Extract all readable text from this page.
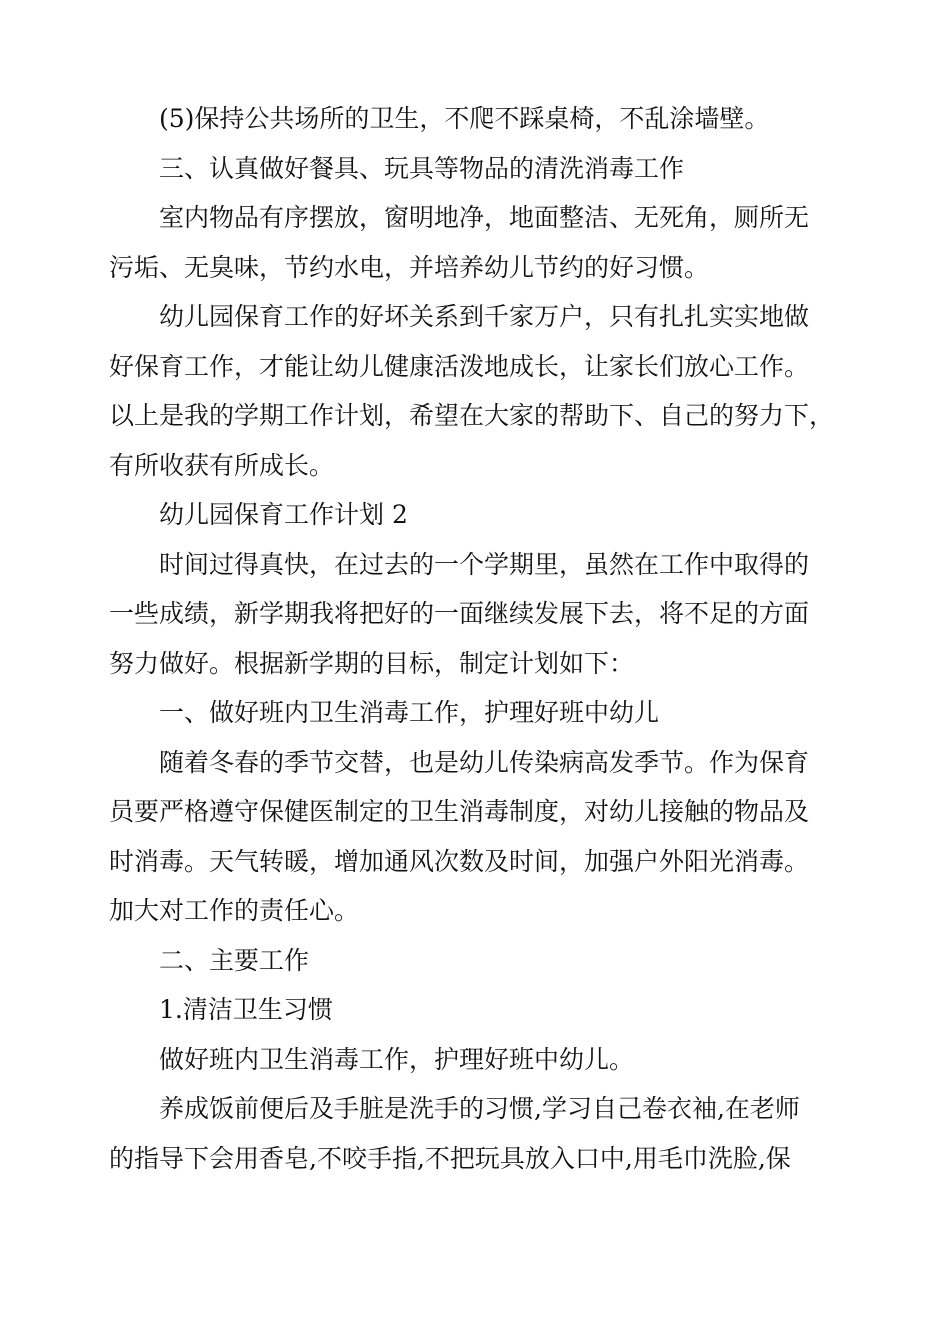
(5)保持公共场所的卫生，不爬不踩桌椅，不乱涂墙壁。

三、认真做好餐具、玩具等物品的清洗消毒工作

室内物品有序摆放，窗明地净，地面整洁、无死角，厕所无
污垢、无臭味，节约水电，并培养幼儿节约的好习惯。

幼儿园保育工作的好坏关系到千家万户，只有扎扎实实地做
好保育工作，才能让幼儿健康活泼地成长，让家长们放心工作。
以上是我的学期工作计划，希望在大家的帮助下、自己的努力下，
有所收获有所成长。

幼儿园保育工作计划 2

时间过得真快，在过去的一个学期里，虽然在工作中取得的
一些成绩，新学期我将把好的一面继续发展下去，将不足的方面
努力做好。根据新学期的目标，制定计划如下：

一、做好班内卫生消毒工作，护理好班中幼儿

随着冬春的季节交替，也是幼儿传染病高发季节。作为保育
员要严格遵守保健医制定的卫生消毒制度，对幼儿接触的物品及
时消毒。天气转暖，增加通风次数及时间，加强户外阳光消毒。
加大对工作的责任心。

二、主要工作

1.清洁卫生习惯

做好班内卫生消毒工作，护理好班中幼儿。

养成饭前便后及手脏是洗手的习惯,学习自己卷衣袖,在老师
的指导下会用香皂,不咬手指,不把玩具放入口中,用毛巾洗脸,保
